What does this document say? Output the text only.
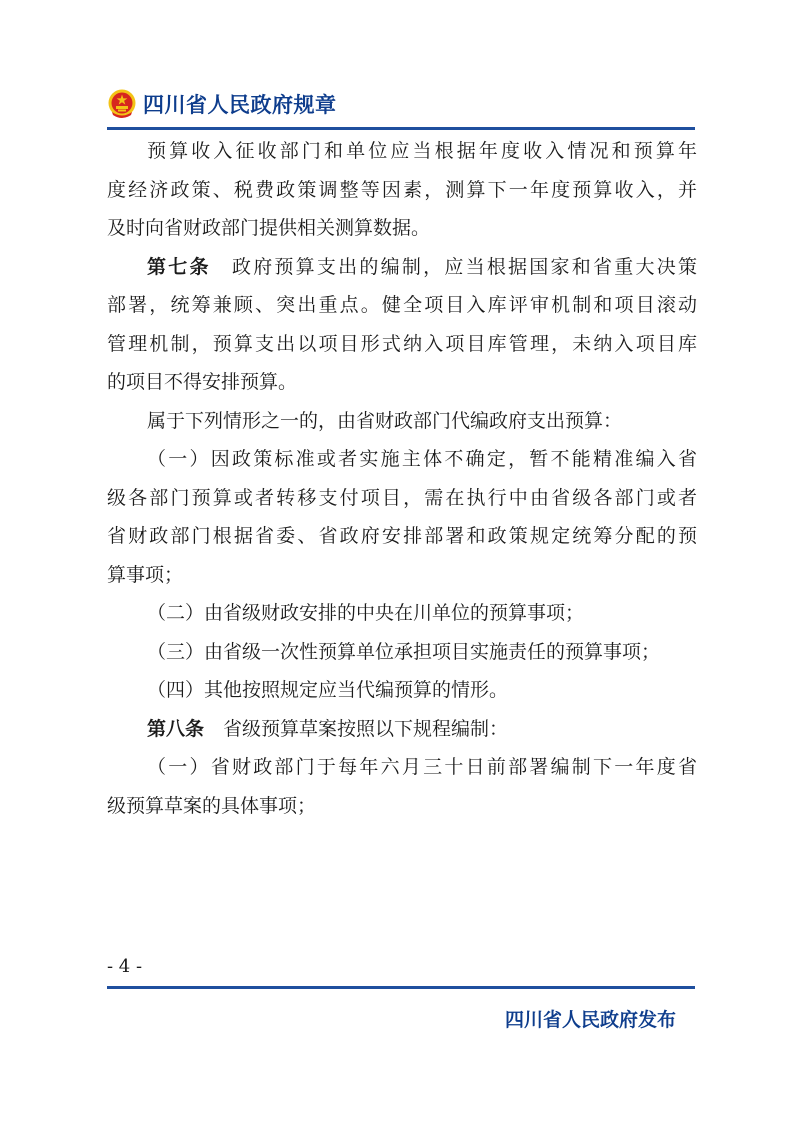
四川省人民政府规章

预算收入征收部门和单位应当根据年度收入情况和预算年
度经济政策、税费政策调整等因素，测算下一年度预算收入，并
及时向省财政部门提供相关测算数据。

第七条　政府预算支出的编制，应当根据国家和省重大决策
部署，统筹兼顾、突出重点。健全项目入库评审机制和项目滚动
管理机制，预算支出以项目形式纳入项目库管理，未纳入项目库
的项目不得安排预算。

属于下列情形之一的，由省财政部门代编政府支出预算：

（一）因政策标准或者实施主体不确定，暂不能精准编入省
级各部门预算或者转移支付项目，需在执行中由省级各部门或者
省财政部门根据省委、省政府安排部署和政策规定统筹分配的预
算事项；

（二）由省级财政安排的中央在川单位的预算事项；

（三）由省级一次性预算单位承担项目实施责任的预算事项；

（四）其他按照规定应当代编预算的情形。

第八条　省级预算草案按照以下规程编制：

（一）省财政部门于每年六月三十日前部署编制下一年度省
级预算草案的具体事项；

- 4 -
四川省人民政府发布
